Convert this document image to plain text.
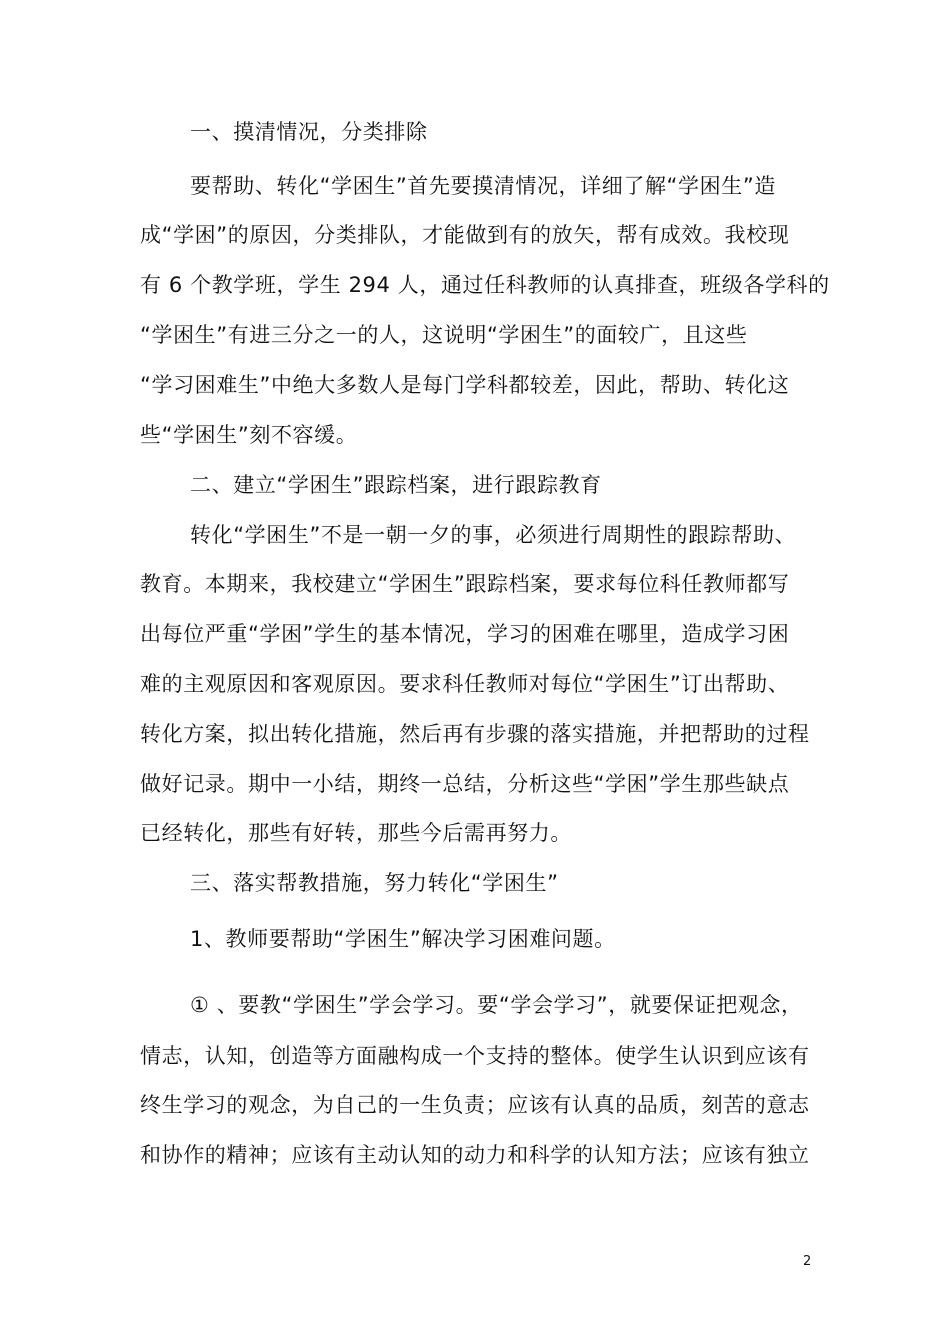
一、摸清情况，分类排除

要帮助、转化“学困生”首先要摸清情况，详细了解“学困生”造

成“学困”的原因，分类排队，才能做到有的放矢，帮有成效。我校现

有 6 个教学班，学生 294 人，通过任科教师的认真排查，班级各学科的

“学困生”有进三分之一的人，这说明“学困生”的面较广，且这些

“学习困难生”中绝大多数人是每门学科都较差，因此，帮助、转化这

些“学困生”刻不容缓。

二、建立“学困生”跟踪档案，进行跟踪教育

转化“学困生”不是一朝一夕的事，必须进行周期性的跟踪帮助、

教育。本期来，我校建立“学困生”跟踪档案，要求每位科任教师都写

出每位严重“学困”学生的基本情况，学习的困难在哪里，造成学习困

难的主观原因和客观原因。要求科任教师对每位“学困生”订出帮助、

转化方案，拟出转化措施，然后再有步骤的落实措施，并把帮助的过程

做好记录。期中一小结，期终一总结，分析这些“学困”学生那些缺点

已经转化，那些有好转，那些今后需再努力。

三、落实帮教措施，努力转化“学困生”

1、教师要帮助“学困生”解决学习困难问题。

① 、要教“学困生”学会学习。要“学会学习”，就要保证把观念，

情志，认知，创造等方面融构成一个支持的整体。使学生认识到应该有

终生学习的观念，为自己的一生负责；应该有认真的品质，刻苦的意志

和协作的精神；应该有主动认知的动力和科学的认知方法；应该有独立

2
